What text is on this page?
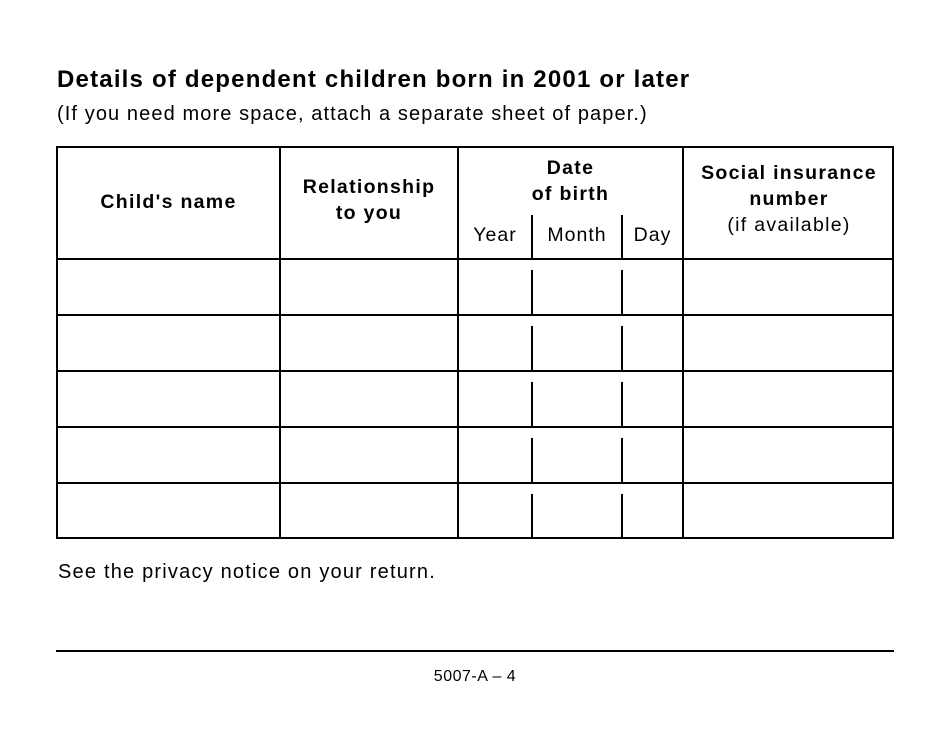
Details of dependent children born in 2001 or later
(If you need more space, attach a separate sheet of paper.)
Child's name
Relationship
to you
Date
of birth
Year	Month	Day
Social insurance
number
(if available)
See the privacy notice on your return.
5007-A – 4
